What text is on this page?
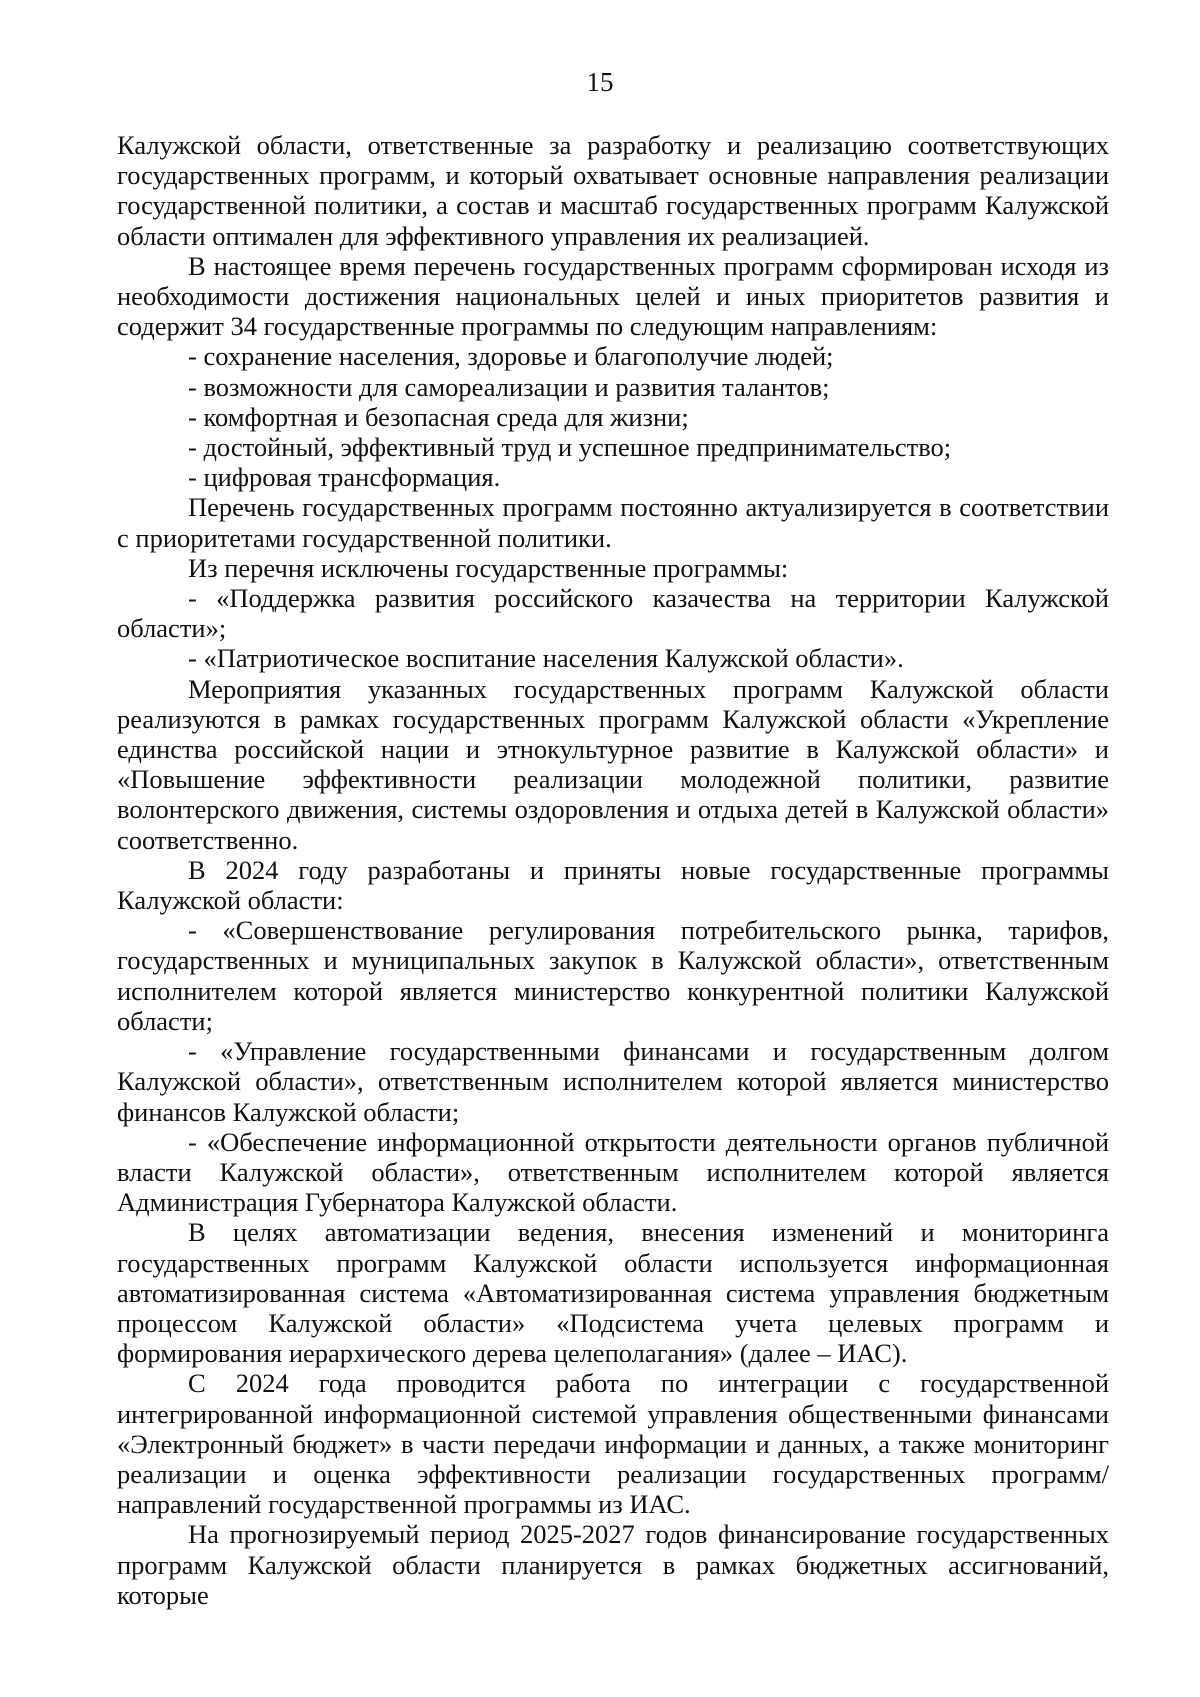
15

Калужской области, ответственные за разработку и реализацию соответствующих государственных программ, и который охватывает основные направления реализации государственной политики, а состав и масштаб государственных программ Калужской области оптимален для эффективного управления их реализацией.

В настоящее время перечень государственных программ сформирован исходя из необходимости достижения национальных целей и иных приоритетов развития и содержит 34 государственные программы по следующим направлениям:

- сохранение населения, здоровье и благополучие людей;

- возможности для самореализации и развития талантов;

- комфортная и безопасная среда для жизни;

- достойный, эффективный труд и успешное предпринимательство;

- цифровая трансформация.

Перечень государственных программ постоянно актуализируется в соответствии с приоритетами государственной политики.

Из перечня исключены государственные программы:

- «Поддержка развития российского казачества на территории Калужской области»;

- «Патриотическое воспитание населения Калужской области».

Мероприятия указанных государственных программ Калужской области реализуются в рамках государственных программ Калужской области «Укрепление единства российской нации и этнокультурное развитие в Калужской области» и «Повышение эффективности реализации молодежной политики, развитие волонтерского движения, системы оздоровления и отдыха детей в Калужской области» соответственно.

В 2024 году разработаны и приняты новые государственные программы Калужской области:

- «Совершенствование регулирования потребительского рынка, тарифов, государственных и муниципальных закупок в Калужской области», ответственным исполнителем которой является министерство конкурентной политики Калужской области;

- «Управление государственными финансами и государственным долгом Калужской области», ответственным исполнителем которой является министерство финансов Калужской области;

- «Обеспечение информационной открытости деятельности органов публичной власти Калужской области», ответственным исполнителем которой является Администрация Губернатора Калужской области.

В целях автоматизации ведения, внесения изменений и мониторинга государственных программ Калужской области используется информационная автоматизированная система «Автоматизированная система управления бюджетным процессом Калужской области» «Подсистема учета целевых программ и формирования иерархического дерева целеполагания» (далее – ИАС).

С 2024 года проводится работа по интеграции с государственной интегрированной информационной системой управления общественными финансами «Электронный бюджет» в части передачи информации и данных, а также мониторинг реализации и оценка эффективности реализации государственных программ/направлений государственной программы из ИАС.

На прогнозируемый период 2025-2027 годов финансирование государственных программ Калужской области планируется в рамках бюджетных ассигнований, которые
